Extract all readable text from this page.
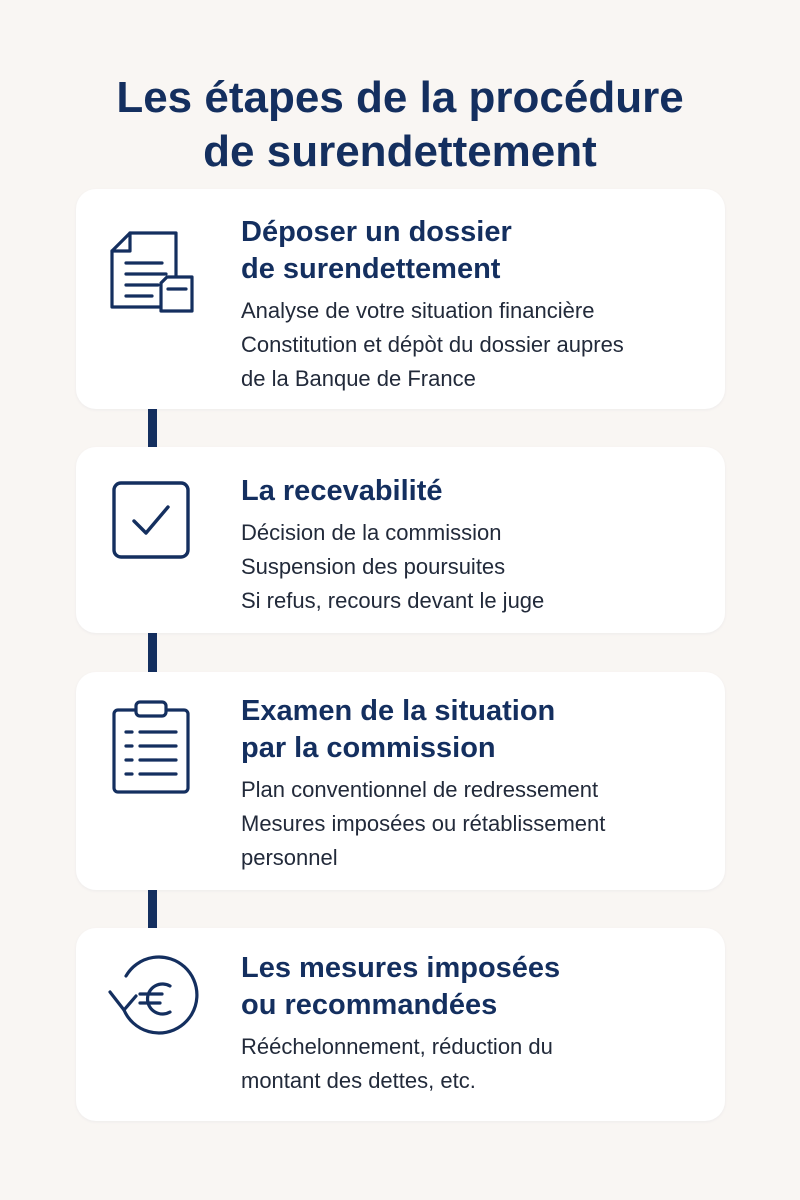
Les étapes de la procédure
de surendettement
Déposer un dossier
de surendettement
Analyse de votre situation financière
Constitution et dépòt du dossier aupres
de la Banque de France
La recevabilité
Décision de la commission
Suspension des poursuites
Si refus, recours devant le juge
Examen de la situation
par la commission
Plan conventionnel de redressement
Mesures imposées ou rétablissement
personnel
Les mesures imposées
ou recommandées
Rééchelonnement, réduction du
montant des dettes, etc.
